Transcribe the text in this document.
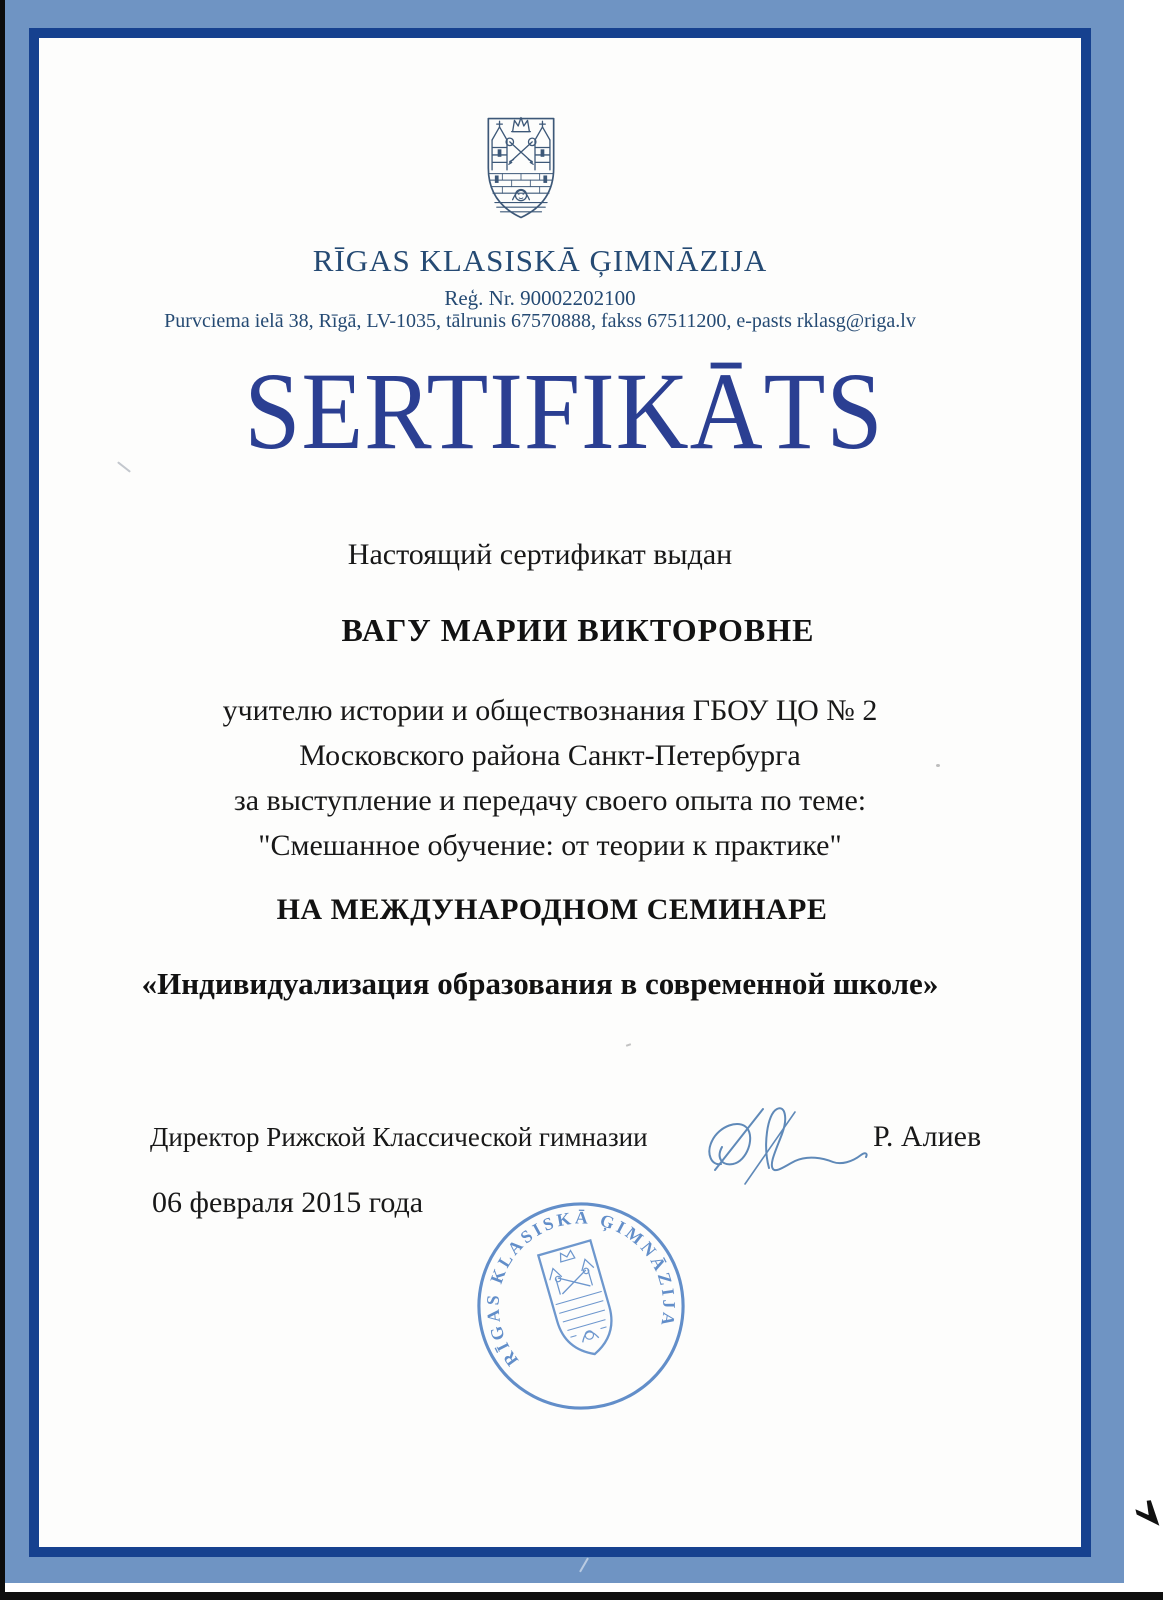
RĪGAS KLASISKĀ ĢIMNĀZIJA
Reģ. Nr. 90002202100
Purvciema ielā 38, Rīgā, LV-1035, tālrunis 67570888, fakss 67511200, e-pasts rklasg@riga.lv
SERTIFIKĀTS
Настоящий сертификат выдан
ВАГУ МАРИИ ВИКТОРОВНЕ
учителю истории и обществознания ГБОУ ЦО № 2
Московского района Санкт-Петербурга
за выступление и передачу своего опыта по теме:
"Смешанное обучение: от теории к практике"
НА МЕЖДУНАРОДНОМ СЕМИНАРЕ
«Индивидуализация образования в современной школе»
Директор Рижской Классической гимназии	Р. Алиев
06 февраля 2015 года
RĪGAS KLASISKĀ ĢIMNĀZIJA
